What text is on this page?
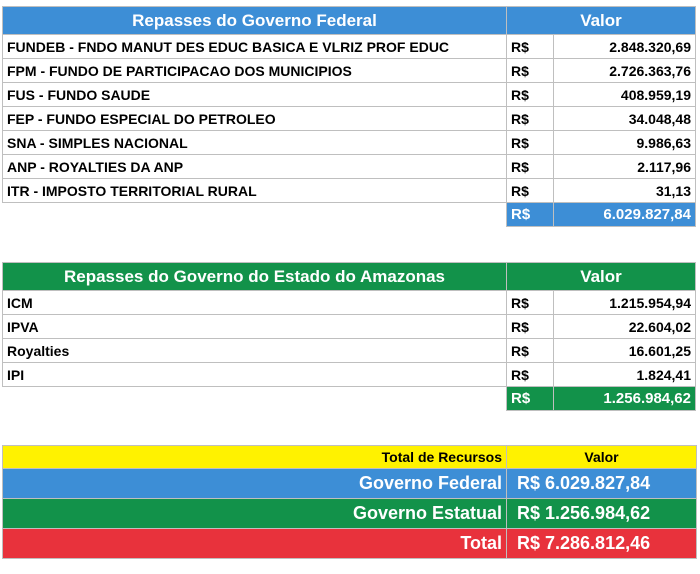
Repasses do Governo Federal	Valor	
FUNDEB - FNDO MANUT DES EDUC BASICA E VLRIZ PROF EDUC	R$	2.848.320,69
FPM - FUNDO DE PARTICIPACAO DOS MUNICIPIOS	R$	2.726.363,76
FUS - FUNDO SAUDE	R$	408.959,19
FEP - FUNDO ESPECIAL DO PETROLEO	R$	34.048,48
SNA - SIMPLES NACIONAL	R$	9.986,63
ANP - ROYALTIES DA ANP	R$	2.117,96
ITR - IMPOSTO TERRITORIAL RURAL	R$	31,13
	R$	6.029.827,84
Repasses do Governo do Estado do Amazonas	Valor	
ICM	R$	1.215.954,94
IPVA	R$	22.604,02
Royalties	R$	16.601,25
IPI	R$	1.824,41
	R$	1.256.984,62
Total de Recursos	Valor
Governo Federal	R$ 6.029.827,84
Governo Estatual	R$ 1.256.984,62
Total	R$ 7.286.812,46
